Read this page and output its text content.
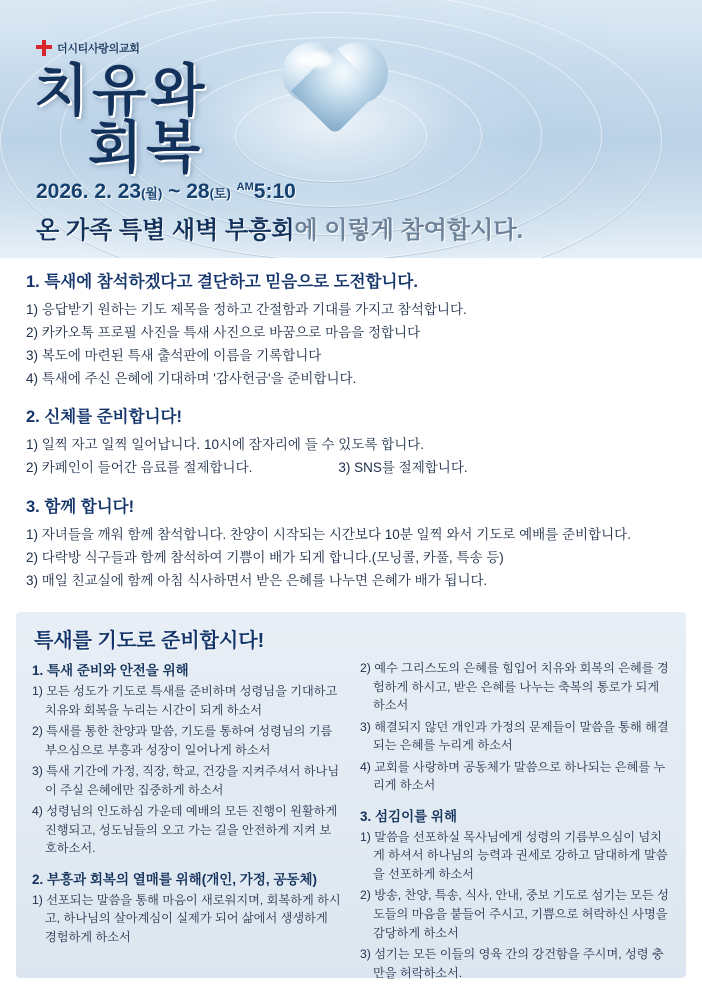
더시티사랑의교회
치유와
회복
2026. 2. 23(월) ~ 28(토) $^{AM}$5:10
온 가족 특별 새벽 부흥회에 이렇게 참여합시다.
1. 특새에 참석하겠다고 결단하고 믿음으로 도전합니다.
1) 응답받기 원하는 기도 제목을 정하고 간절함과 기대를 가지고 참석합니다.
2) 카카오톡 프로필 사진을 특새 사진으로 바꿈으로 마음을 정합니다
3) 복도에 마련된 특새 출석판에 이름을 기록합니다
4) 특새에 주신 은혜에 기대하며 '감사헌금'을 준비합니다.
2. 신체를 준비합니다!
1) 일찍 자고 일찍 일어납니다. 10시에 잠자리에 들 수 있도록 합니다.
2) 카페인이 들어간 음료를 절제합니다.	3) SNS를 절제합니다.
3. 함께 합니다!
1) 자녀들을 깨워 함께 참석합니다. 찬양이 시작되는 시간보다 10분 일찍 와서 기도로 예배를 준비합니다.
2) 다락방 식구들과 함께 참석하여 기쁨이 배가 되게 합니다.(모닝콜, 카풀, 특송 등)
3) 매일 친교실에 함께 아침 식사하면서 받은 은혜를 나누면 은혜가 배가 됩니다.
특새를 기도로 준비합시다!
1. 특새 준비와 안전을 위해
1) 모든 성도가 기도로 특새를 준비하며 성령님을 기대하고 치유와 회복을 누리는 시간이 되게 하소서
2) 특새를 통한 찬양과 말씀, 기도를 통하여 성령님의 기름 부으심으로 부흥과 성장이 일어나게 하소서
3) 특새 기간에 가정, 직장, 학교, 건강을 지켜주셔서 하나님이 주실 은혜에만 집중하게 하소서
4) 성령님의 인도하심 가운데 예배의 모든 진행이 원활하게 진행되고, 성도님들의 오고 가는 길을 안전하게 지켜 보호하소서.
2. 부흥과 회복의 열매를 위해(개인, 가정, 공동체)
1) 선포되는 말씀을 통해 마음이 새로워지며, 회복하게 하시고, 하나님의 살아계심이 실제가 되어 삶에서 생생하게 경험하게 하소서
2) 예수 그리스도의 은혜를 힘입어 치유와 회복의 은혜를 경험하게 하시고, 받은 은혜를 나누는 축복의 통로가 되게 하소서
3) 해결되지 않던 개인과 가정의 문제들이 말씀을 통해 해결되는 은혜를 누리게 하소서
4) 교회를 사랑하며 공동체가 말씀으로 하나되는 은혜를 누리게 하소서
3. 섬김이를 위해
1) 말씀을 선포하실 목사님에게 성령의 기름부으심이 넘치게 하셔서 하나님의 능력과 권세로 강하고 담대하게 말씀을 선포하게 하소서
2) 방송, 찬양, 특송, 식사, 안내, 중보 기도로 섬기는 모든 성도들의 마음을 붙들어 주시고, 기쁨으로 허락하신 사명을 감당하게 하소서
3) 섬기는 모든 이들의 영육 간의 강건함을 주시며, 성령 충만을 허락하소서.
